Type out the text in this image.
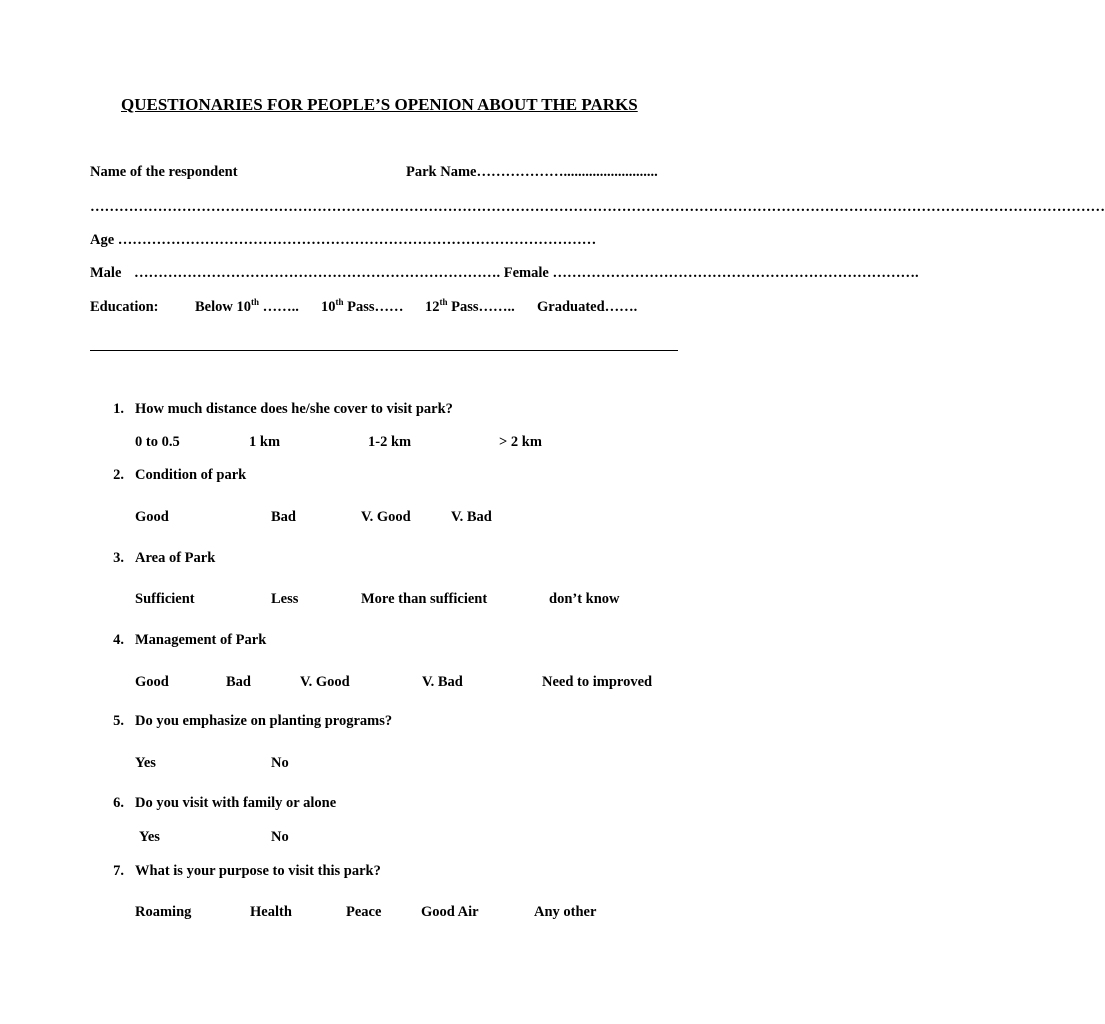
QUESTIONARIES FOR PEOPLE’S OPENION ABOUT THE PARKS
Name of the respondent	Park Name………………..........................
…………………………………………………………………………………………………………………………………………………………………………………………
Age ………………………………………………………………………………………
Male …………………………………………………………………. Female ………………………………………………………………….
Education:	Below 10th …….. 10th Pass…… 12th Pass…….. Graduated…….
1. How much distance does he/she cover to visit park?
0 to 0.5	1 km	1-2 km	> 2 km
2. Condition of park
Good	Bad	V. Good	V. Bad
3. Area of Park
Sufficient	Less	More than sufficient	don’t know
4. Management of Park
Good	Bad	V. Good	V. Bad	Need to improved
5. Do you emphasize on planting programs?
Yes	No
6. Do you visit with family or alone
Yes	No
7. What is your purpose to visit this park?
Roaming	Health	Peace	Good Air	Any other
